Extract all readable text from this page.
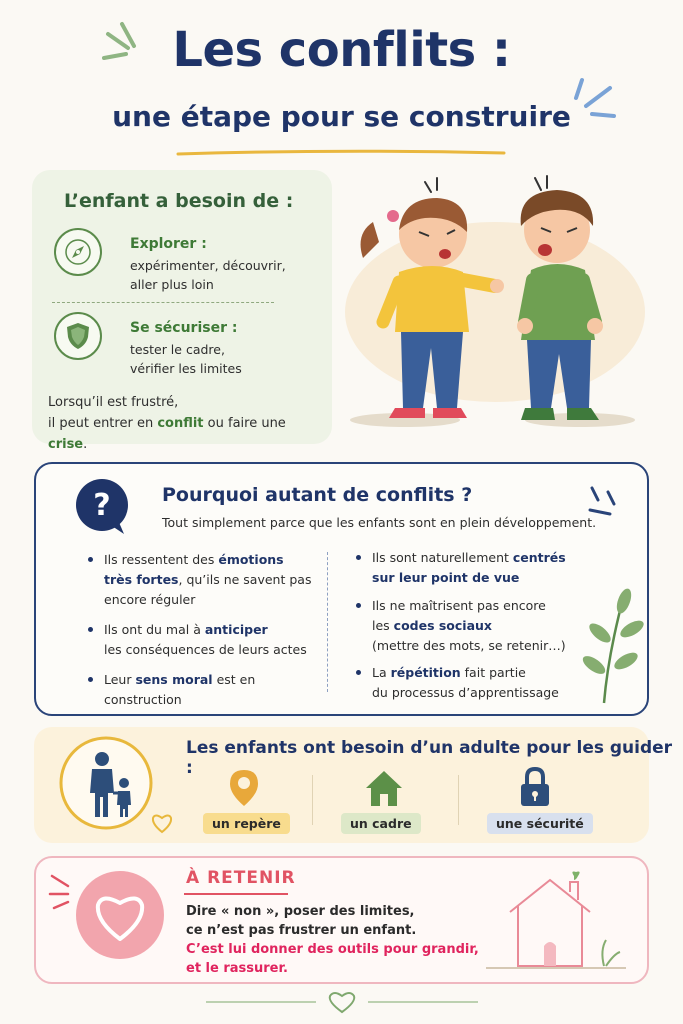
Les conflits :
une étape pour se construire
L’enfant a besoin de :
Explorer :
expérimenter, découvrir,
aller plus loin
Se sécuriser :
tester le cadre,
vérifier les limites
Lorsqu’il est frustré,
il peut entrer en conflit ou faire une crise.
?	Pourquoi autant de conflits ?
Tout simplement parce que les enfants sont en plein développement.
Ils ressentent des émotions
très fortes, qu’ils ne savent pas
encore réguler
Ils ont du mal à anticiper
les conséquences de leurs actes
Leur sens moral est en construction
Ils sont naturellement centrés
sur leur point de vue
Ils ne maîtrisent pas encore
les codes sociaux
(mettre des mots, se retenir…)
La répétition fait partie
du processus d’apprentissage
Les enfants ont besoin d’un adulte pour les guider :
un repère	un cadre	une sécurité
À RETENIR
Dire « non », poser des limites,
ce n’est pas frustrer un enfant.
C’est lui donner des outils pour grandir,
et le rassurer.
